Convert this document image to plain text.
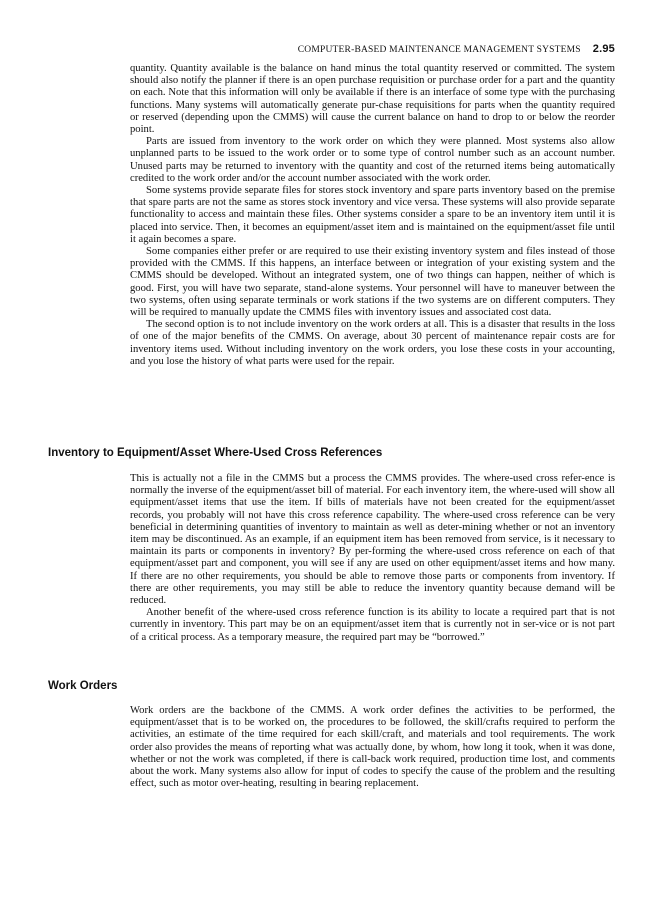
COMPUTER-BASED MAINTENANCE MANAGEMENT SYSTEMS 2.95

quantity. Quantity available is the balance on hand minus the total quantity reserved or committed. The system should also notify the planner if there is an open purchase requisition or purchase order for a part and the quantity on each. Note that this information will only be available if there is an interface of some type with the purchasing functions. Many systems will automatically generate pur-chase requisitions for parts when the quantity required or reserved (depending upon the CMMS) will cause the current balance on hand to drop to or below the reorder point.

Parts are issued from inventory to the work order on which they were planned. Most systems also allow unplanned parts to be issued to the work order or to some type of control number such as an account number. Unused parts may be returned to inventory with the quantity and cost of the returned items being automatically credited to the work order and/or the account number associated with the work order.

Some systems provide separate files for stores stock inventory and spare parts inventory based on the premise that spare parts are not the same as stores stock inventory and vice versa. These systems will also provide separate functionality to access and maintain these files. Other systems consider a spare to be an inventory item until it is placed into service. Then, it becomes an equipment/asset item and is maintained on the equipment/asset file until it again becomes a spare.

Some companies either prefer or are required to use their existing inventory system and files instead of those provided with the CMMS. If this happens, an interface between or integration of your existing system and the CMMS should be developed. Without an integrated system, one of two things can happen, neither of which is good. First, you will have two separate, stand-alone systems. Your personnel will have to maneuver between the two systems, often using separate terminals or work stations if the two systems are on different computers. They will be required to manually update the CMMS files with inventory issues and associated cost data.

The second option is to not include inventory on the work orders at all. This is a disaster that results in the loss of one of the major benefits of the CMMS. On average, about 30 percent of maintenance repair costs are for inventory items used. Without including inventory on the work orders, you lose these costs in your accounting, and you lose the history of what parts were used for the repair.

Inventory to Equipment/Asset Where-Used Cross References

This is actually not a file in the CMMS but a process the CMMS provides. The where-used cross refer-ence is normally the inverse of the equipment/asset bill of material. For each inventory item, the where-used will show all equipment/asset items that use the item. If bills of materials have not been created for the equipment/asset records, you probably will not have this cross reference capability. The where-used cross reference can be very beneficial in determining quantities of inventory to maintain as well as deter-mining whether or not an inventory item may be discontinued. As an example, if an equipment item has been removed from service, is it necessary to maintain its parts or components in inventory? By per-forming the where-used cross reference on each of that equipment/asset part and component, you will see if any are used on other equipment/asset items and how many. If there are no other requirements, you should be able to remove those parts or components from inventory. If there are other requirements, you may still be able to reduce the inventory quantity because demand will be reduced.

Another benefit of the where-used cross reference function is its ability to locate a required part that is not currently in inventory. This part may be on an equipment/asset item that is currently not in ser-vice or is not part of a critical process. As a temporary measure, the required part may be “borrowed.”

Work Orders

Work orders are the backbone of the CMMS. A work order defines the activities to be performed, the equipment/asset that is to be worked on, the procedures to be followed, the skill/crafts required to perform the activities, an estimate of the time required for each skill/craft, and materials and tool requirements. The work order also provides the means of reporting what was actually done, by whom, how long it took, when it was done, whether or not the work was completed, if there is call-back work required, production time lost, and comments about the work. Many systems also allow for input of codes to specify the cause of the problem and the resulting effect, such as motor over-heating, resulting in bearing replacement.
